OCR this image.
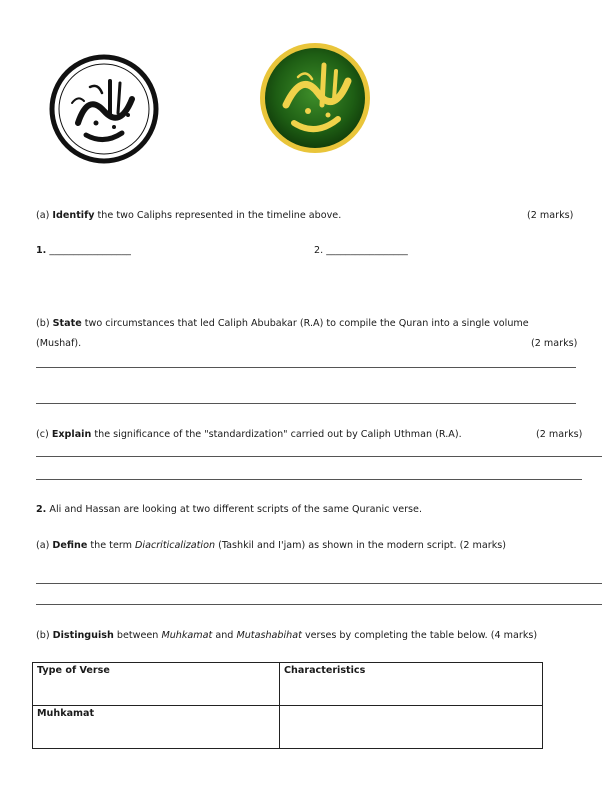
(a) Identify the two Caliphs represented in the timeline above.	(2 marks)
1. _________________	2. _________________
(b) State two circumstances that led Caliph Abubakar (R.A) to compile the Quran into a single volume
(Mushaf).	(2 marks)
(c) Explain the significance of the "standardization" carried out by Caliph Uthman (R.A).	(2 marks)
2. Ali and Hassan are looking at two different scripts of the same Quranic verse.
(a) Define the term Diacriticalization (Tashkil and I'jam) as shown in the modern script. (2 marks)
(b) Distinguish between Muhkamat and Mutashabihat verses by completing the table below. (4 marks)
Type of Verse	Characteristics
Muhkamat	
